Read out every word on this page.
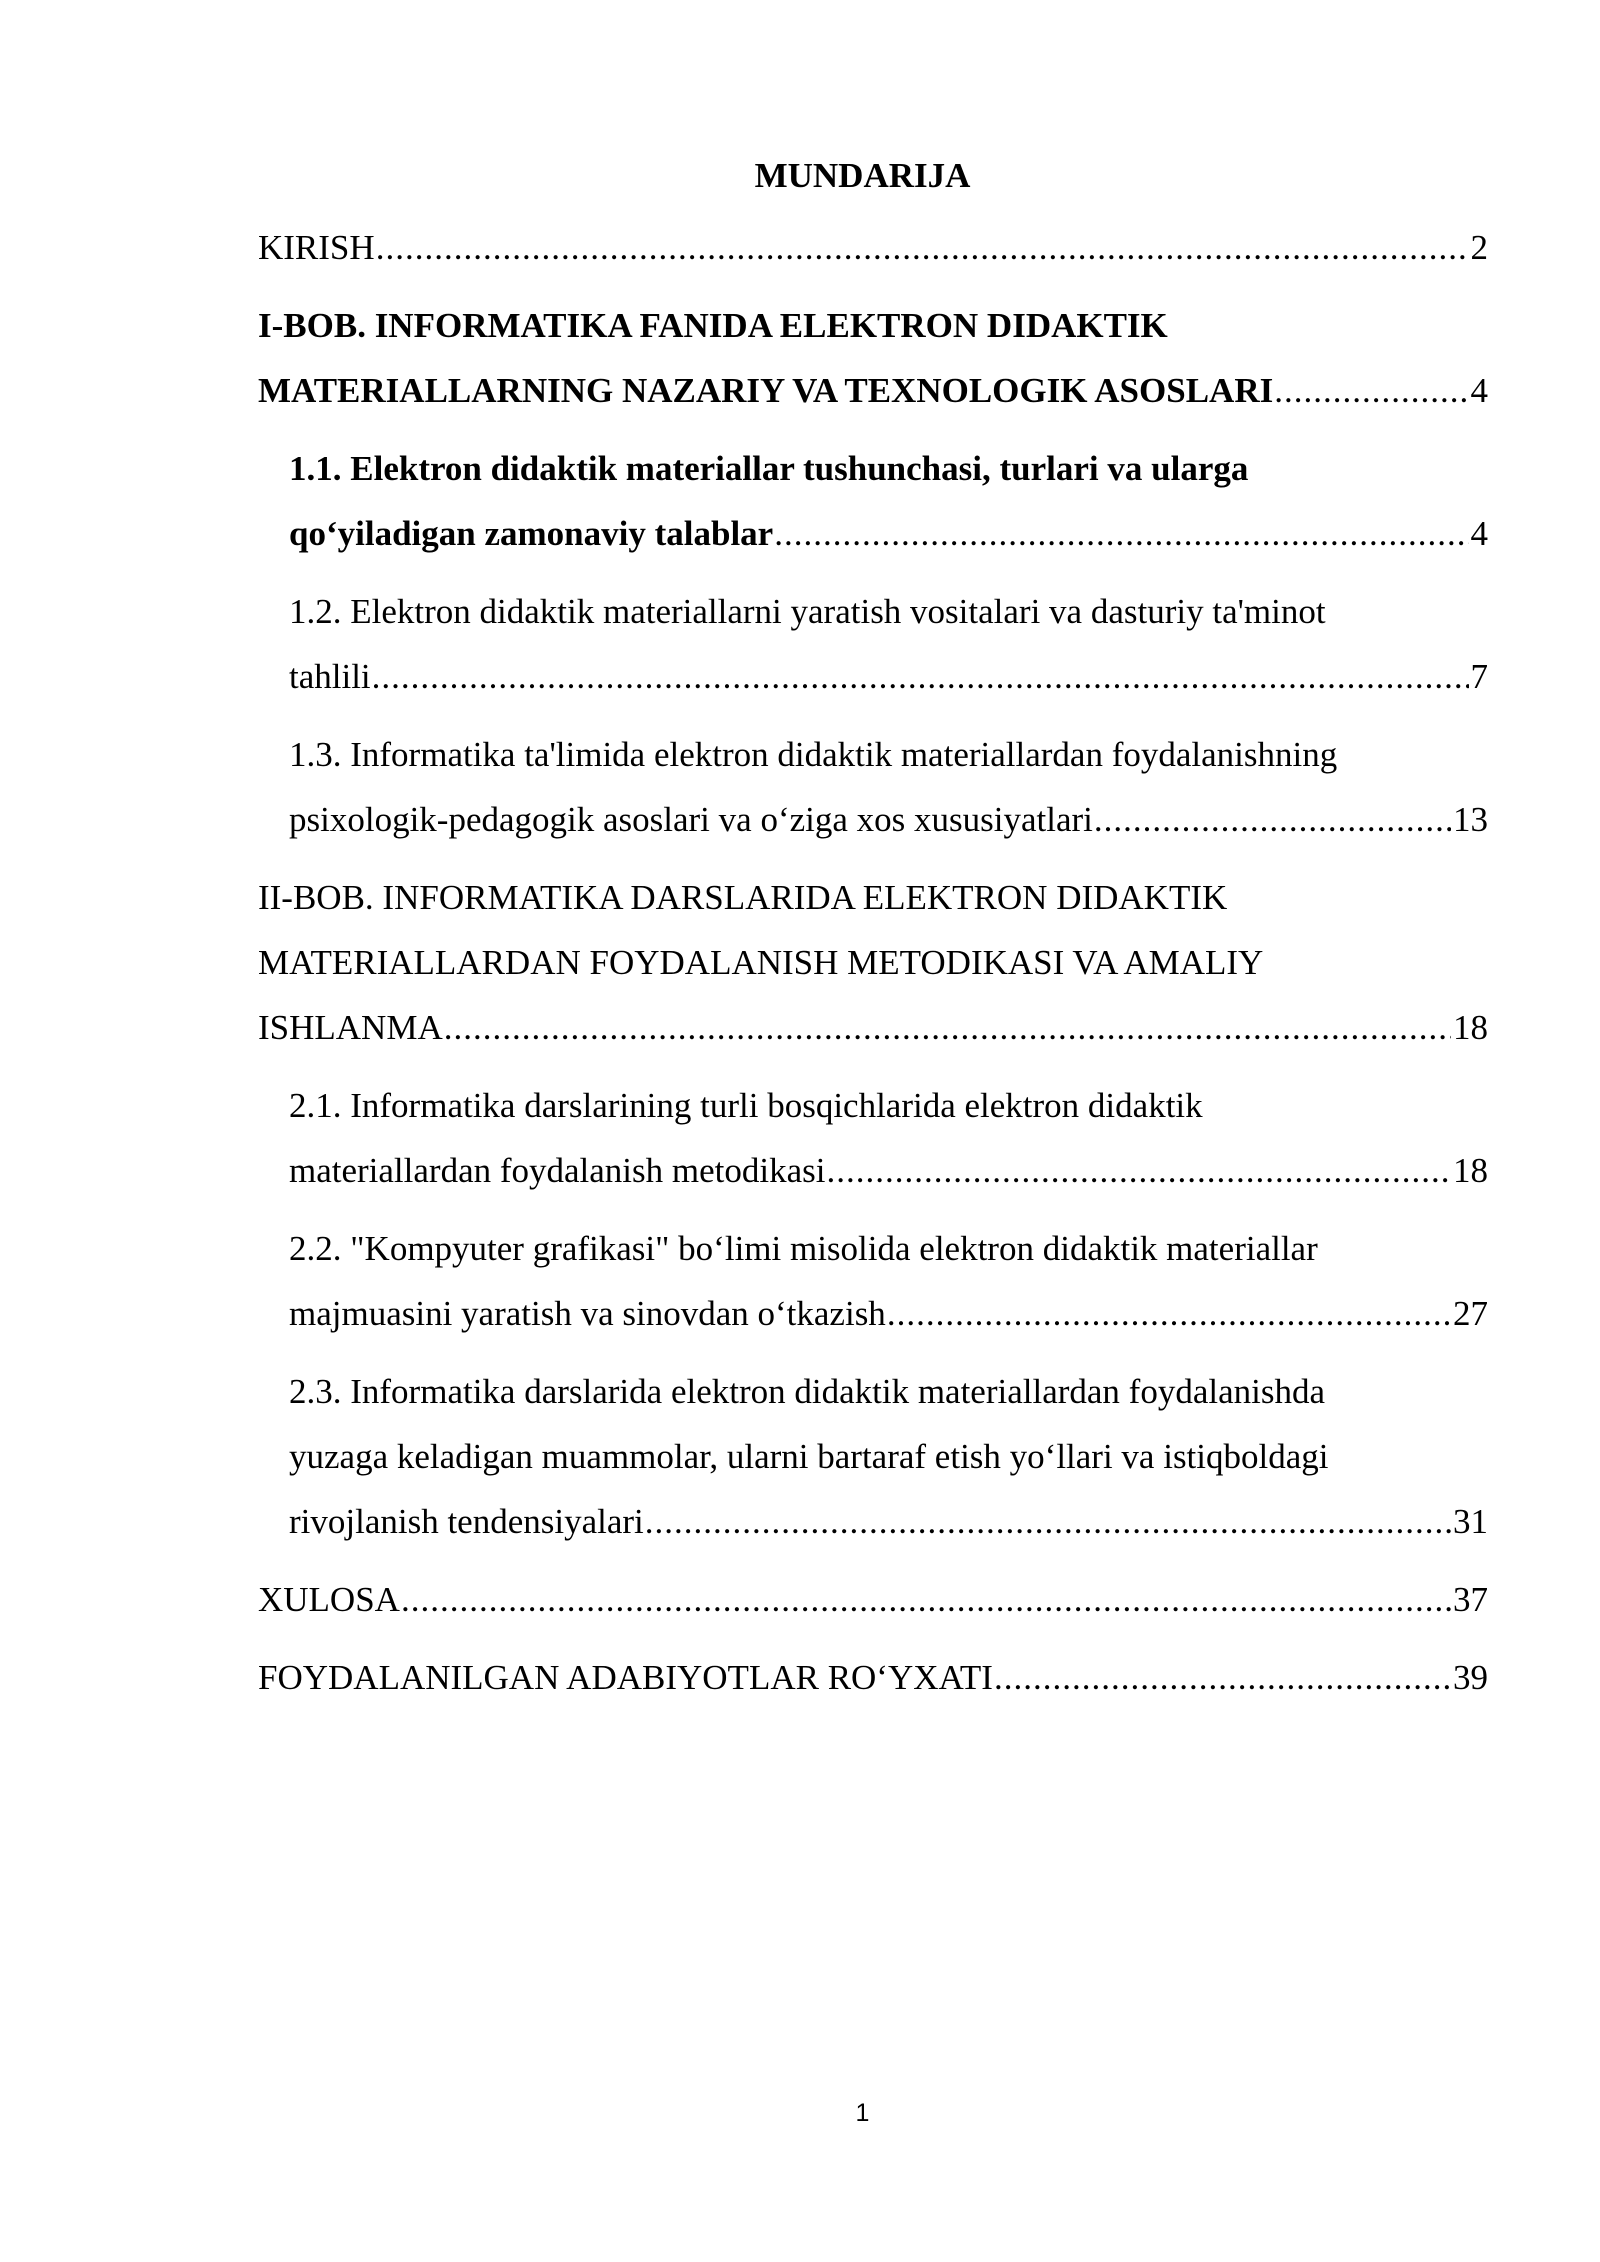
MUNDARIJA
KIRISH .....	2
I-BOB. INFORMATIKA FANIDA ELEKTRON DIDAKTIK
MATERIALLARNING NAZARIY VA TEXNOLOGIK ASOSLARI .....	4
1.1. Elektron didaktik materiallar tushunchasi, turlari va ularga
qo‘yiladigan zamonaviy talablar .....	4
1.2. Elektron didaktik materiallarni yaratish vositalari va dasturiy ta'minot
tahlili .....	7
1.3. Informatika ta'limida elektron didaktik materiallardan foydalanishning
psixologik-pedagogik asoslari va o‘ziga xos xususiyatlari .....	13
II-BOB. INFORMATIKA DARSLARIDA ELEKTRON DIDAKTIK
MATERIALLARDAN FOYDALANISH METODIKASI VA AMALIY
ISHLANMA .....	18
2.1. Informatika darslarining turli bosqichlarida elektron didaktik
materiallardan foydalanish metodikasi .....	18
2.2. "Kompyuter grafikasi" bo‘limi misolida elektron didaktik materiallar
majmuasini yaratish va sinovdan o‘tkazish .....	27
2.3. Informatika darslarida elektron didaktik materiallardan foydalanishda
yuzaga keladigan muammolar, ularni bartaraf etish yo‘llari va istiqboldagi
rivojlanish tendensiyalari .....	31
XULOSA .....	37
FOYDALANILGAN ADABIYOTLAR RO‘YXATI .....	39
1
